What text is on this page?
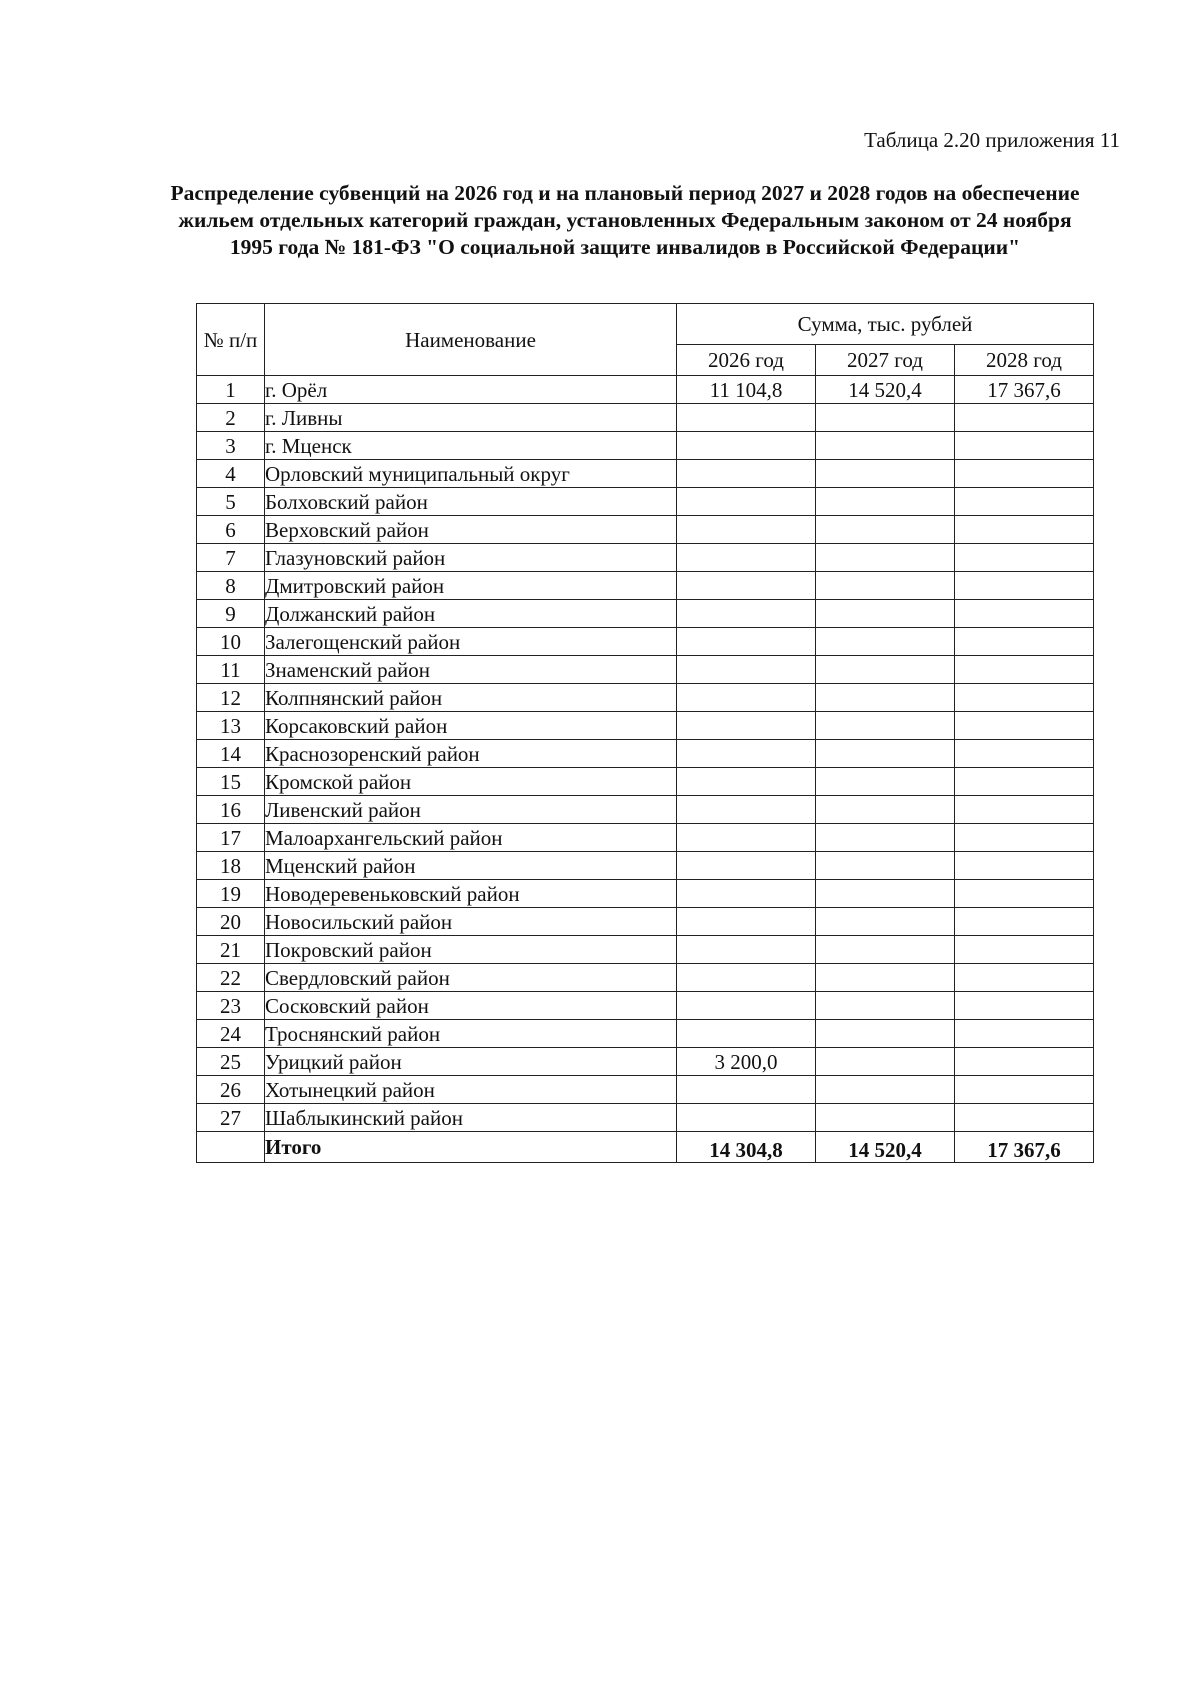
Таблица 2.20 приложения 11
Распределение субвенций на 2026 год и на плановый период 2027 и 2028 годов на обеспечение жильем отдельных категорий граждан, установленных Федеральным законом от 24 ноября 1995 года № 181-ФЗ "О социальной защите инвалидов в Российской Федерации"
№ п/п	Наименование	Сумма, тыс. рублей		
		2026 год	2027 год	2028 год
1	г. Орёл	11 104,8	14 520,4	17 367,6
2	г. Ливны			
3	г. Мценск			
4	Орловский муниципальный округ			
5	Болховский район			
6	Верховский район			
7	Глазуновский район			
8	Дмитровский район			
9	Должанский район			
10	Залегощенский район			
11	Знаменский район			
12	Колпнянский район			
13	Корсаковский район			
14	Краснозоренский район			
15	Кромской район			
16	Ливенский район			
17	Малоархангельский район			
18	Мценский район			
19	Новодеревеньковский район			
20	Новосильский район			
21	Покровский район			
22	Свердловский район			
23	Сосковский район			
24	Троснянский район			
25	Урицкий район	3 200,0		
26	Хотынецкий район			
27	Шаблыкинский район			
	Итого	14 304,8	14 520,4	17 367,6
